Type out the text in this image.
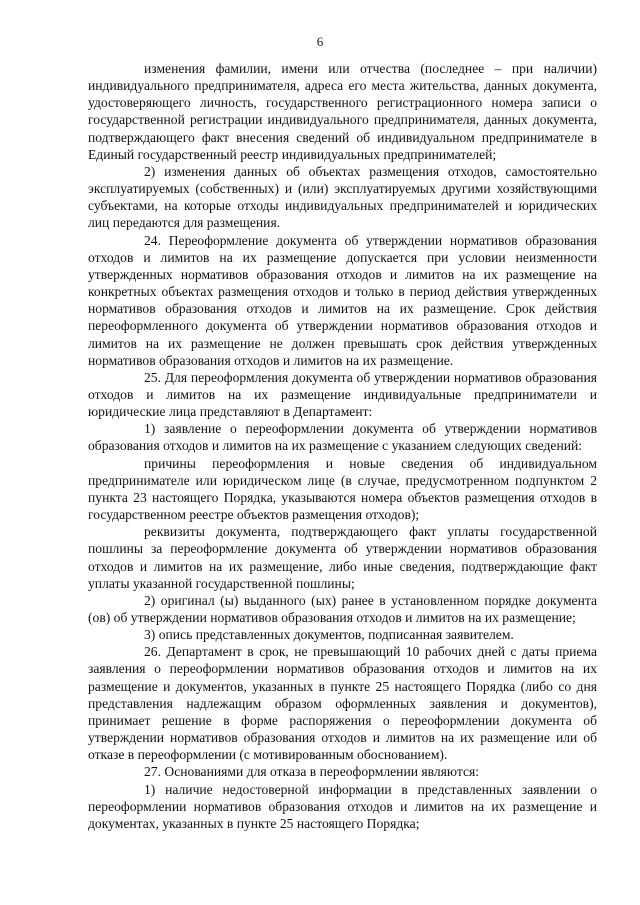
6

изменения фамилии, имени или отчества (последнее – при наличии) индивидуального предпринимателя, адреса его места жительства, данных документа, удостоверяющего личность, государственного регистрационного номера записи о государственной регистрации индивидуального предпринимателя, данных документа, подтверждающего факт внесения сведений об индивидуальном предпринимателе в Единый государственный реестр индивидуальных предпринимателей;

2) изменения данных об объектах размещения отходов, самостоятельно эксплуатируемых (собственных) и (или) эксплуатируемых другими хозяйствующими субъектами, на которые отходы индивидуальных предпринимателей и юридических лиц передаются для размещения.

24. Переоформление документа об утверждении нормативов образования отходов и лимитов на их размещение допускается при условии неизменности утвержденных нормативов образования отходов и лимитов на их размещение на конкретных объектах размещения отходов и только в период действия утвержденных нормативов образования отходов и лимитов на их размещение. Срок действия переоформленного документа об утверждении нормативов образования отходов и лимитов на их размещение не должен превышать срок действия утвержденных нормативов образования отходов и лимитов на их размещение.

25. Для переоформления документа об утверждении нормативов образования отходов и лимитов на их размещение индивидуальные предприниматели и юридические лица представляют в Департамент:

1) заявление о переоформлении документа об утверждении нормативов образования отходов и лимитов на их размещение с указанием следующих сведений:

причины переоформления и новые сведения об индивидуальном предпринимателе или юридическом лице (в случае, предусмотренном подпунктом 2 пункта 23 настоящего Порядка, указываются номера объектов размещения отходов в государственном реестре объектов размещения отходов);

реквизиты документа, подтверждающего факт уплаты государственной пошлины за переоформление документа об утверждении нормативов образования отходов и лимитов на их размещение, либо иные сведения, подтверждающие факт уплаты указанной государственной пошлины;

2) оригинал (ы) выданного (ых) ранее в установленном порядке документа (ов) об утверждении нормативов образования отходов и лимитов на их размещение;

3) опись представленных документов, подписанная заявителем.

26. Департамент в срок, не превышающий 10 рабочих дней с даты приема заявления о переоформлении нормативов образования отходов и лимитов на их размещение и документов, указанных в пункте 25 настоящего Порядка (либо со дня представления надлежащим образом оформленных заявления и документов), принимает решение в форме распоряжения о переоформлении документа об утверждении нормативов образования отходов и лимитов на их размещение или об отказе в переоформлении (с мотивированным обоснованием).

27. Основаниями для отказа в переоформлении являются:

1) наличие недостоверной информации в представленных заявлении о переоформлении нормативов образования отходов и лимитов на их размещение и документах, указанных в пункте 25 настоящего Порядка;
